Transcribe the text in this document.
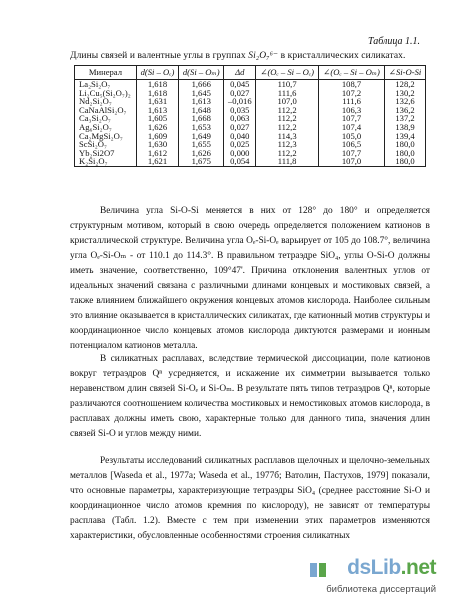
Таблица 1.1.
Длины связей и валентные углы в группах Si₂O₇⁶⁻ в кристаллических силикатах.
Минерал	d(Si – Oₑ)	d(Si – Oₘ)	Δd	∠(Oₑ – Si – Oₑ)	∠(Oₑ – Si – Oₘ)	∠Si-O-Si
La₂Si₂O₇	1,618	1,666	0,045	110,7	108,7	128,2
Li₂Cu₅(Si₂O₇)₂	1,618	1,645	0,027	111,6	107,2	130,2
Nd₂Si₂O₇	1,631	1,613	–0,016	107,0	111,6	132,6
CaNaAlSi₂O₇	1,613	1,648	0,035	112,2	106,3	136,2
Ca₃Si₂O₇	1,605	1,668	0,063	112,2	107,7	137,2
Ag₆Si₂O₇	1,626	1,653	0,027	112,2	107,4	138,9
Ca₂MgSi₂O₇	1,609	1,649	0,040	114,3	105,0	139,4
ScSi₂O₇	1,630	1,655	0,025	112,3	106,5	180,0
Yb₂Si2O7	1,612	1,626	0,000	112,2	107,7	180,0
K₂Si₂O₇	1,621	1,675	0,054	111,8	107,0	180,0

Величина угла Si-O-Si меняется в них от 128° до 180° и определяется структурным мотивом, который в свою очередь определяется положением катионов в кристаллической структуре. Величина угла Oₑ-Si-Oₑ варьирует от 105 до 108.7°, величина угла Oₑ-Si-Oₘ - от 110.1 до 114.3°. В правильном тетраэдре SiO₄, углы O-Si-O должны иметь значение, соответственно, 109°47'. Причина отклонения валентных углов от идеальных значений связана с различными длинами концевых и мостиковых связей, а также влиянием ближайшего окружения концевых атомов кислорода. Наиболее сильным это влияние оказывается в кристаллических силикатах, где катионный мотив структуры и координационное число концевых атомов кислорода диктуются размерами и ионным потенциалом катионов металла.

В силикатных расплавах, вследствие термической диссоциации, поле катионов вокруг тетраэдров Qⁿ усредняется, и искажение их симметрии вызывается только неравенством длин связей Si-Oₑ и Si-Oₘ. В результате пять типов тетраэдров Qⁿ, которые различаются соотношением количества мостиковых и немостиковых атомов кислорода, в расплавах должны иметь свою, характерные только для данного типа, значения длин связей Si-O и углов между ними.

Результаты исследований силикатных расплавов щелочных и щелочно-земельных металлов [Waseda et al., 1977a; Waseda et al., 1977б; Ватолин, Пастухов, 1979] показали, что основные параметры, характеризующие тетраэдры SiO₄ (среднее расстояние Si-O и координационное число атомов кремния по кислороду), не зависят от температуры расплава (Табл. 1.2). Вместе с тем при изменении этих параметров изменяются характеристики, обусловленные особенностями строения силикатных

dsLib.net
библиотека диссертаций
